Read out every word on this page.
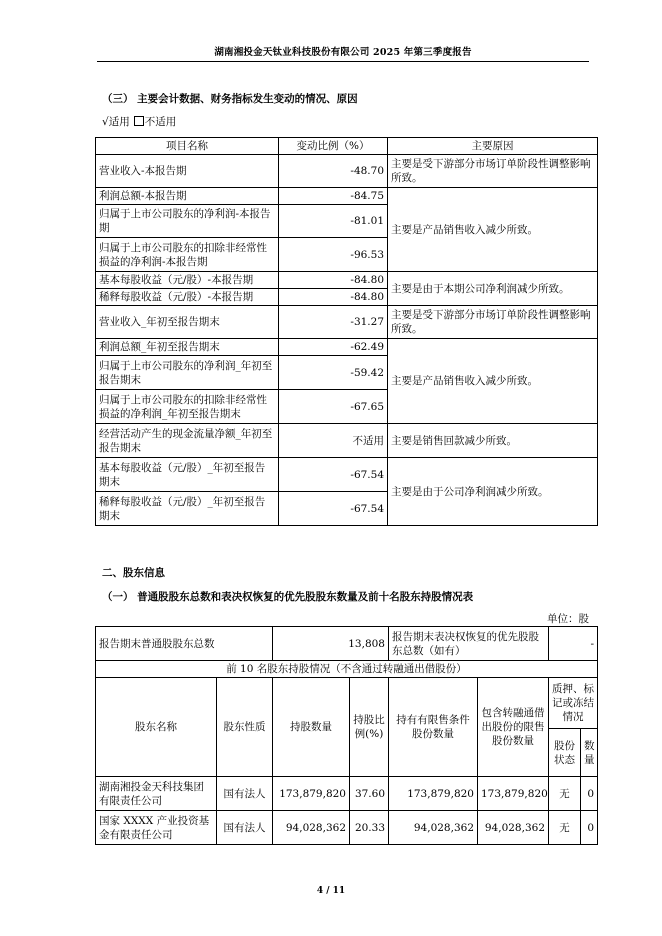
湖南湘投金天钛业科技股份有限公司 2025 年第三季度报告
（三） 主要会计数据、财务指标发生变动的情况、原因
√适用 不适用
项目名称	变动比例（%）	主要原因
营业收入-本报告期	-48.70	主要是受下游部分市场订单阶段性调整影响所致。
利润总额-本报告期	-84.75	主要是产品销售收入减少所致。
归属于上市公司股东的净利润-本报告期	-81.01	
归属于上市公司股东的扣除非经常性损益的净利润-本报告期	-96.53	
基本每股收益（元/股）-本报告期	-84.80	主要是由于本期公司净利润减少所致。
稀释每股收益（元/股）-本报告期	-84.80	
营业收入_年初至报告期末	-31.27	主要是受下游部分市场订单阶段性调整影响所致。
利润总额_年初至报告期末	-62.49	主要是产品销售收入减少所致。
归属于上市公司股东的净利润_年初至报告期末	-59.42	
归属于上市公司股东的扣除非经常性损益的净利润_年初至报告期末	-67.65	
经营活动产生的现金流量净额_年初至报告期末	不适用	主要是销售回款减少所致。
基本每股收益（元/股）_年初至报告期末	-67.54	主要是由于公司净利润减少所致。
稀释每股收益（元/股）_年初至报告期末	-67.54	
二、股东信息
（一） 普通股股东总数和表决权恢复的优先股股东数量及前十名股东持股情况表
单位：股
报告期末普通股股东总数		13,808		报告期末表决权恢复的优先股股东总数（如有）		-	
前 10 名股东持股情况（不含通过转融通出借股份）							
股东名称	股东性质	持股数量	持股比例(%)	持有有限售条件股份数量	包含转融通借出股份的限售股份数量	质押、标记或冻结情况	
						股份状态	数量
湖南湘投金天科技集团有限责任公司	国有法人	173,879,820	37.60	173,879,820	173,879,820	无	0
国家 XXXX 产业投资基金有限责任公司	国有法人	94,028,362	20.33	94,028,362	94,028,362	无	0
4 / 11
